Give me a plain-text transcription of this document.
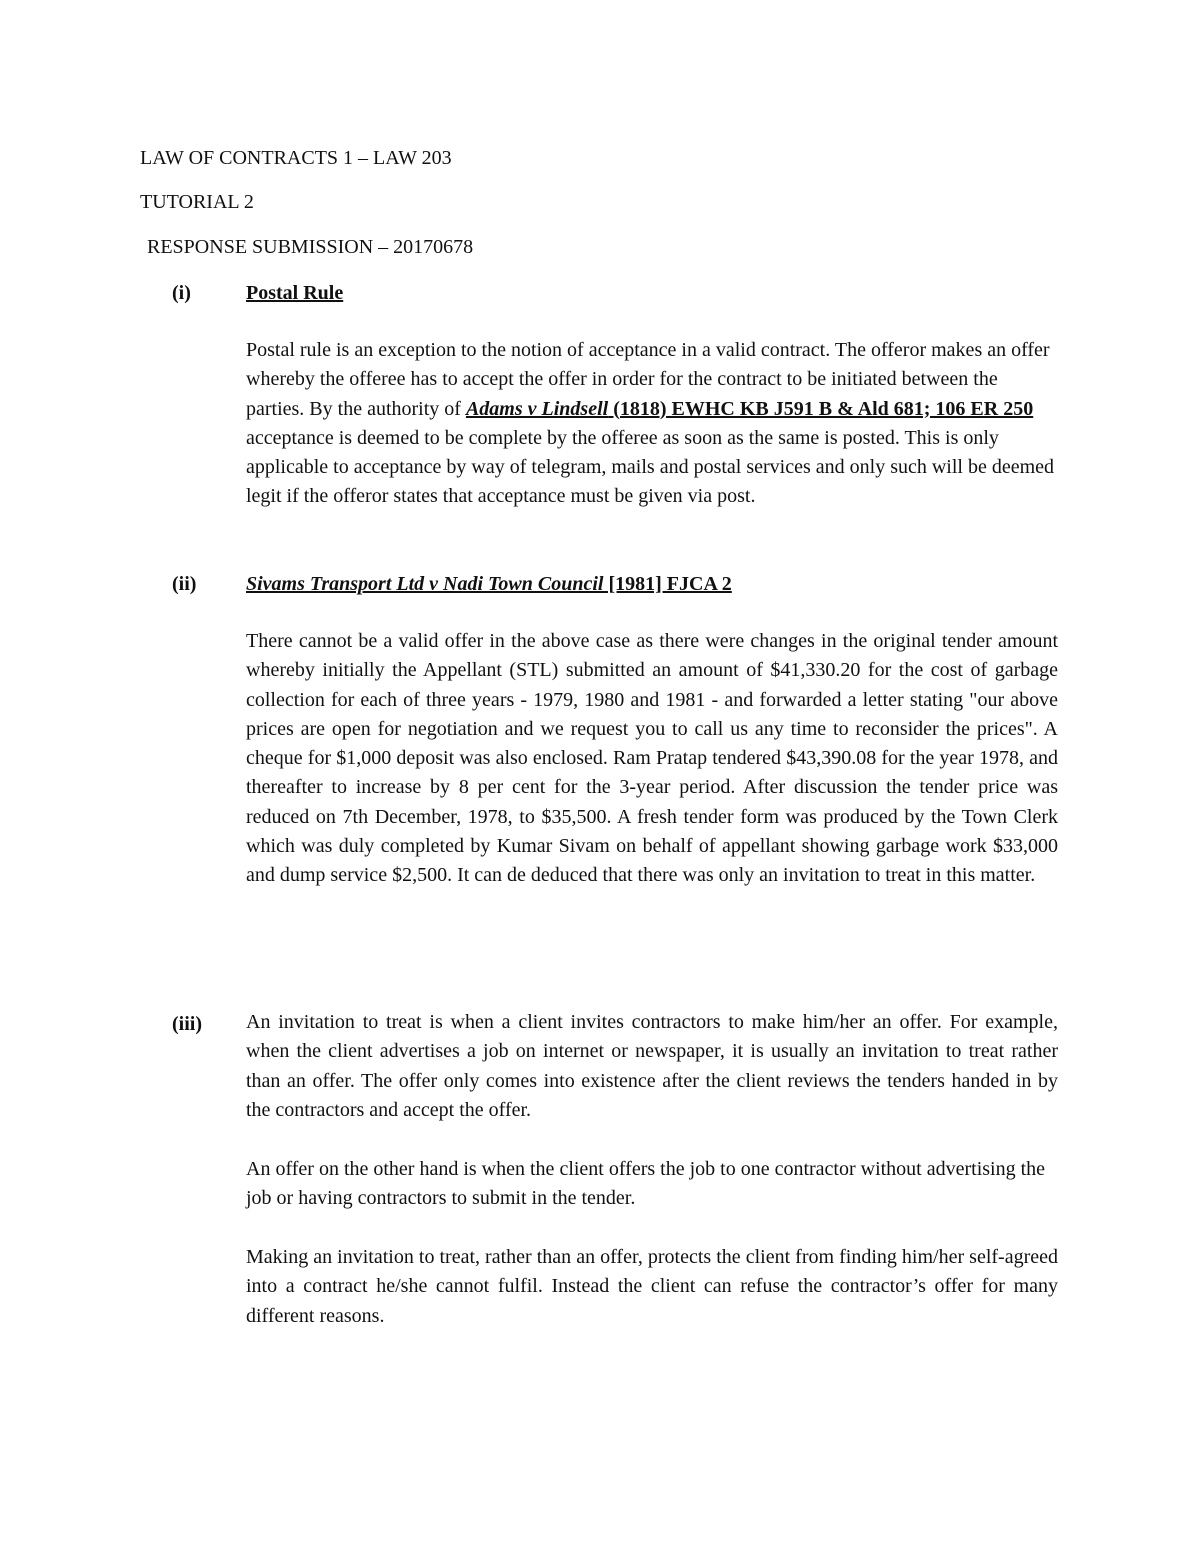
LAW OF CONTRACTS 1 – LAW 203
TUTORIAL 2
RESPONSE SUBMISSION – 20170678
(i)	Postal Rule

Postal rule is an exception to the notion of acceptance in a valid contract. The offeror makes an offer whereby the offeree has to accept the offer in order for the contract to be initiated between the parties. By the authority of Adams v Lindsell (1818) EWHC KB J591 B & Ald 681; 106 ER 250 acceptance is deemed to be complete by the offeree as soon as the same is posted. This is only applicable to acceptance by way of telegram, mails and postal services and only such will be deemed legit if the offeror states that acceptance must be given via post.

(ii) Sivams Transport Ltd v Nadi Town Council [1981] FJCA 2

There cannot be a valid offer in the above case as there were changes in the original tender amount whereby initially the Appellant (STL) submitted an amount of $41,330.20 for the cost of garbage collection for each of three years - 1979, 1980 and 1981 - and forwarded a letter stating "our above prices are open for negotiation and we request you to call us any time to reconsider the prices". A cheque for $1,000 deposit was also enclosed. Ram Pratap tendered $43,390.08 for the year 1978, and thereafter to increase by 8 per cent for the 3-year period. After discussion the tender price was reduced on 7th December, 1978, to $35,500. A fresh tender form was produced by the Town Clerk which was duly completed by Kumar Sivam on behalf of appellant showing garbage work $33,000 and dump service $2,500. It can de deduced that there was only an invitation to treat in this matter.

(iii) An invitation to treat is when a client invites contractors to make him/her an offer. For example, when the client advertises a job on internet or newspaper, it is usually an invitation to treat rather than an offer. The offer only comes into existence after the client reviews the tenders handed in by the contractors and accept the offer.

An offer on the other hand is when the client offers the job to one contractor without advertising the job or having contractors to submit in the tender.

Making an invitation to treat, rather than an offer, protects the client from finding him/her self-agreed into a contract he/she cannot fulfil. Instead the client can refuse the contractor’s offer for many different reasons.
